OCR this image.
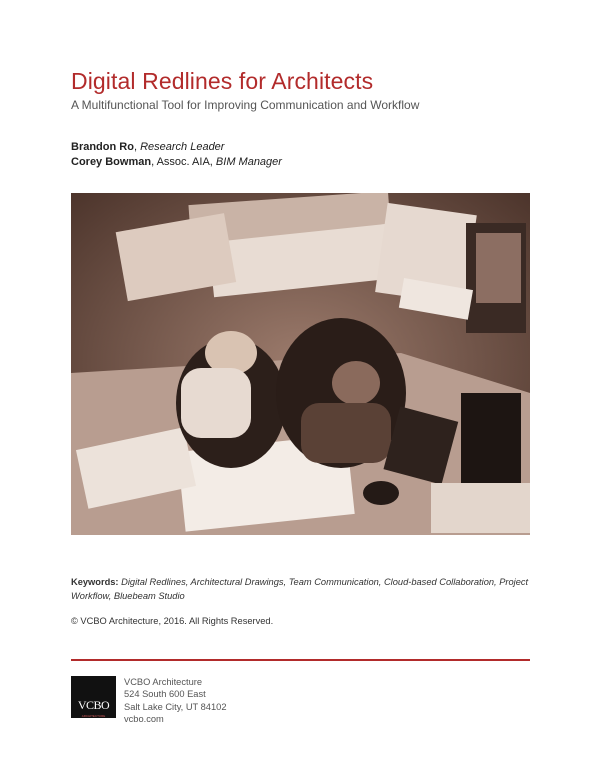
Digital Redlines for Architects
A Multifunctional Tool for Improving Communication and Workflow
Brandon Ro, Research Leader
Corey Bowman, Assoc. AIA, BIM Manager
Keywords: Digital Redlines, Architectural Drawings, Team Communication, Cloud-based Collaboration, Project Workflow, Bluebeam Studio
© VCBO Architecture, 2016. All Rights Reserved.
VCBO
ARCHITECTURE
VCBO Architecture
524 South 600 East
Salt Lake City, UT 84102
vcbo.com
